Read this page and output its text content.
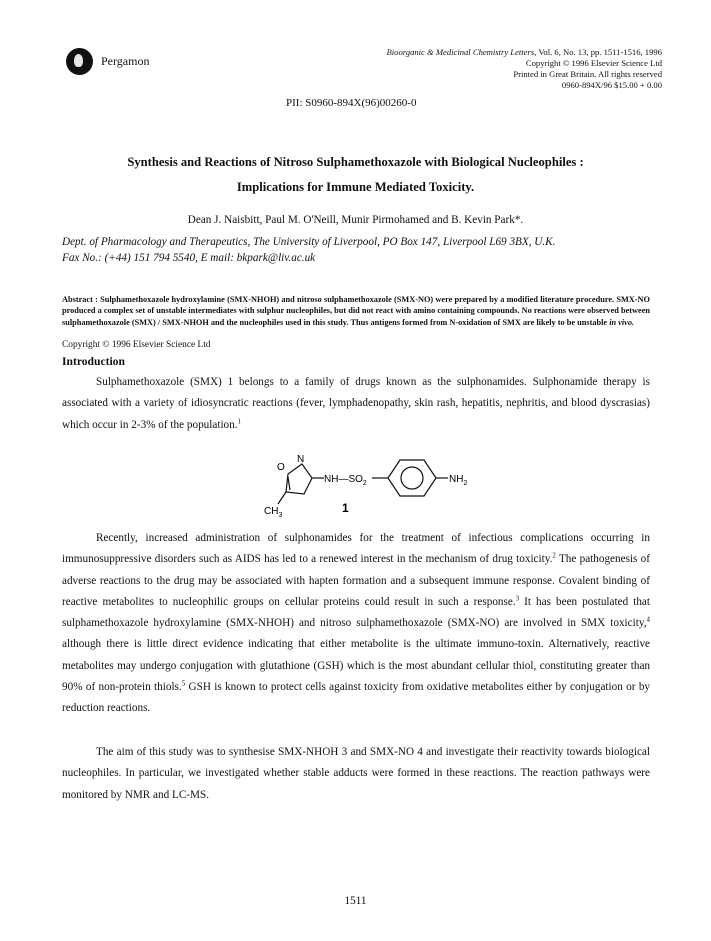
Pergamon
Bioorganic & Medicinal Chemistry Letters, Vol. 6, No. 13, pp. 1511-1516, 1996
Copyright © 1996 Elsevier Science Ltd
Printed in Great Britain. All rights reserved
0960-894X/96 $15.00 + 0.00
PII: S0960-894X(96)00260-0
Synthesis and Reactions of Nitroso Sulphamethoxazole with Biological Nucleophiles :
Implications for Immune Mediated Toxicity.
Dean J. Naisbitt, Paul M. O'Neill, Munir Pirmohamed and B. Kevin Park*.
Dept. of Pharmacology and Therapeutics, The University of Liverpool, PO Box 147, Liverpool L69 3BX, U.K.
Fax No.: (+44) 151 794 5540, E mail: bkpark@liv.ac.uk
Abstract : Sulphamethoxazole hydroxylamine (SMX-NHOH) and nitroso sulphamethoxazole (SMX-NO) were prepared by a modified literature procedure. SMX-NO produced a complex set of unstable intermediates with sulphur nucleophiles, but did not react with amino containing compounds. No reactions were observed between sulphamethoxazole (SMX) / SMX-NHOH and the nucleophiles used in this study. Thus antigens formed from N-oxidation of SMX are likely to be unstable in vivo.
Copyright © 1996 Elsevier Science Ltd
Introduction
Sulphamethoxazole (SMX) 1 belongs to a family of drugs known as the sulphonamides. Sulphonamide therapy is associated with a variety of idiosyncratic reactions (fever, lymphadenopathy, skin rash, hepatitis, nephritis, and blood dyscrasias) which occur in 2-3% of the population.$^1$
O
N
$NH—SO_2$	$NH_2$
$CH_3$
1
Recently, increased administration of sulphonamides for the treatment of infectious complications occurring in immunosuppressive disorders such as AIDS has led to a renewed interest in the mechanism of drug toxicity.$^2$ The pathogenesis of adverse reactions to the drug may be associated with hapten formation and a subsequent immune response. Covalent binding of reactive metabolites to nucleophilic groups on cellular proteins could result in such a response.$^3$ It has been postulated that sulphamethoxazole hydroxylamine (SMX-NHOH) and nitroso sulphamethoxazole (SMX-NO) are involved in SMX toxicity,$^4$ although there is little direct evidence indicating that either metabolite is the ultimate immuno-toxin. Alternatively, reactive metabolites may undergo conjugation with glutathione (GSH) which is the most abundant cellular thiol, constituting greater than 90% of non-protein thiols.$^5$ GSH is known to protect cells against toxicity from oxidative metabolites either by conjugation or by reduction reactions.
The aim of this study was to synthesise SMX-NHOH 3 and SMX-NO 4 and investigate their reactivity towards biological nucleophiles. In particular, we investigated whether stable adducts were formed in these reactions. The reaction pathways were monitored by NMR and LC-MS.
1511
